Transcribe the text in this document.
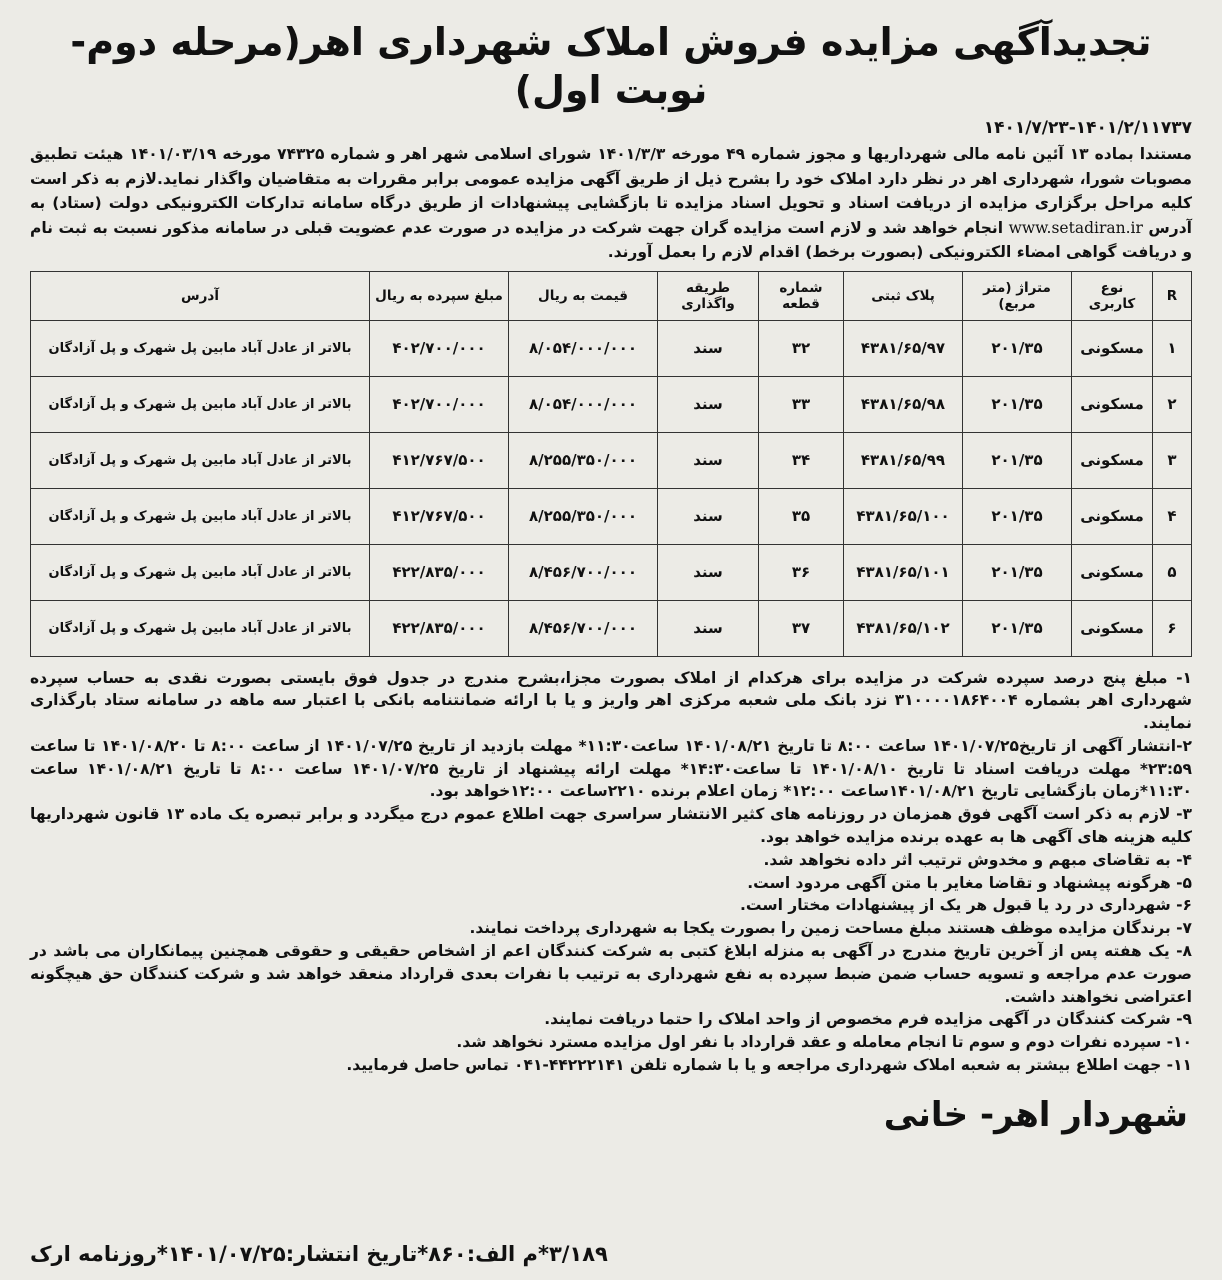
تجدیدآگهی مزایده فروش املاک شهرداری اهر(مرحله دوم- نوبت اول)
۱۴۰۱/۷/۲۳-۱۴۰۱/۲/۱۱۷۳۷

مستندا بماده ۱۳ آئین نامه مالی شهرداریها و مجوز شماره ۴۹ مورخه ۱۴۰۱/۳/۳ شورای اسلامی شهر اهر و شماره ۷۴۳۲۵ مورخه ۱۴۰۱/۰۳/۱۹ هیئت تطبیق مصوبات شورا، شهرداری اهر در نظر دارد املاک خود را بشرح ذیل از طریق آگهی مزایده عمومی برابر مقررات به متقاضیان واگذار نماید.لازم به ذکر است کلیه مراحل برگزاری مزایده از دریافت اسناد و تحویل اسناد مزایده تا بازگشایی پیشنهادات از طریق درگاه سامانه تدارکات الکترونیکی دولت (ستاد) به آدرس www.setadiran.ir انجام خواهد شد و لازم است مزایده گران جهت شرکت در مزایده در صورت عدم عضویت قبلی در سامانه مذکور نسبت به ثبت نام و دریافت گواهی امضاء الکترونیکی (بصورت برخط) اقدام لازم را بعمل آورند.

R	نوع کاربری	متراژ (متر مربع)	پلاک ثبتی	شماره قطعه	طریقه واگذاری	قیمت به ریال	مبلغ سپرده به ریال	آدرس
۱	مسکونی	۲۰۱/۳۵	۴۳۸۱/۶۵/۹۷	۳۲	سند	۸/۰۵۴/۰۰۰/۰۰۰	۴۰۲/۷۰۰/۰۰۰	بالاتر از عادل آباد مابین پل شهرک و پل آزادگان
۲	مسکونی	۲۰۱/۳۵	۴۳۸۱/۶۵/۹۸	۳۳	سند	۸/۰۵۴/۰۰۰/۰۰۰	۴۰۲/۷۰۰/۰۰۰	بالاتر از عادل آباد مابین پل شهرک و پل آزادگان
۳	مسکونی	۲۰۱/۳۵	۴۳۸۱/۶۵/۹۹	۳۴	سند	۸/۲۵۵/۳۵۰/۰۰۰	۴۱۲/۷۶۷/۵۰۰	بالاتر از عادل آباد مابین پل شهرک و پل آزادگان
۴	مسکونی	۲۰۱/۳۵	۴۳۸۱/۶۵/۱۰۰	۳۵	سند	۸/۲۵۵/۳۵۰/۰۰۰	۴۱۲/۷۶۷/۵۰۰	بالاتر از عادل آباد مابین پل شهرک و پل آزادگان
۵	مسکونی	۲۰۱/۳۵	۴۳۸۱/۶۵/۱۰۱	۳۶	سند	۸/۴۵۶/۷۰۰/۰۰۰	۴۲۲/۸۳۵/۰۰۰	بالاتر از عادل آباد مابین پل شهرک و پل آزادگان
۶	مسکونی	۲۰۱/۳۵	۴۳۸۱/۶۵/۱۰۲	۳۷	سند	۸/۴۵۶/۷۰۰/۰۰۰	۴۲۲/۸۳۵/۰۰۰	بالاتر از عادل آباد مابین پل شهرک و پل آزادگان

۱- مبلغ پنج درصد سپرده شرکت در مزایده برای هرکدام از املاک بصورت مجزا،بشرح مندرج در جدول فوق بایستی بصورت نقدی به حساب سپرده شهرداری اهر بشماره ۳۱۰۰۰۰۱۸۶۴۰۰۴ نزد بانک ملی شعبه مرکزی اهر واریز و یا با ارائه ضمانتنامه بانکی با اعتبار سه ماهه در سامانه ستاد بارگذاری نمایند.

۲-انتشار آگهی از تاریخ۱۴۰۱/۰۷/۲۵ ساعت ۸:۰۰ تا تاریخ ۱۴۰۱/۰۸/۲۱ ساعت۱۱:۳۰* مهلت بازدید از تاریخ ۱۴۰۱/۰۷/۲۵ از ساعت ۸:۰۰ تا ۱۴۰۱/۰۸/۲۰ تا ساعت ۲۳:۵۹* مهلت دریافت اسناد تا تاریخ ۱۴۰۱/۰۸/۱۰ تا ساعت۱۴:۳۰* مهلت ارائه پیشنهاد از تاریخ ۱۴۰۱/۰۷/۲۵ ساعت ۸:۰۰ تا تاریخ ۱۴۰۱/۰۸/۲۱ ساعت ۱۱:۳۰*زمان بازگشایی تاریخ ۱۴۰۱/۰۸/۲۱ساعت ۱۲:۰۰* زمان اعلام برنده ۲۲۱۰ساعت ۱۲:۰۰خواهد بود.

۳- لازم به ذکر است آگهی فوق همزمان در روزنامه های کثیر الانتشار سراسری جهت اطلاع عموم درج میگردد و برابر تبصره یک ماده ۱۳ قانون شهرداریها کلیه هزینه های آگهی ها به عهده برنده مزایده خواهد بود.

۴- به تقاضای مبهم و مخدوش ترتیب اثر داده نخواهد شد.

۵- هرگونه پیشنهاد و تقاضا مغایر با متن آگهی مردود است.

۶- شهرداری در رد یا قبول هر یک از پیشنهادات مختار است.

۷- برندگان مزایده موظف هستند مبلغ مساحت زمین را بصورت یکجا به شهرداری پرداخت نمایند.

۸- یک هفته پس از آخرین تاریخ مندرج در آگهی به منزله ابلاغ کتبی به شرکت کنندگان اعم از اشخاص حقیقی و حقوقی همچنین پیمانکاران می باشد در صورت عدم مراجعه و تسویه حساب ضمن ضبط سپرده به نفع شهرداری به ترتیب با نفرات بعدی قرارداد منعقد خواهد شد و شرکت کنندگان حق هیچگونه اعتراضی نخواهند داشت.

۹- شرکت کنندگان در آگهی مزایده فرم مخصوص از واحد املاک را حتما دریافت نمایند.

۱۰- سپرده نفرات دوم و سوم تا انجام معامله و عقد قرارداد با نفر اول مزایده مسترد نخواهد شد.

۱۱- جهت اطلاع بیشتر به شعبه املاک شهرداری مراجعه و یا با شماره تلفن ۴۴۲۲۲۱۴۱-۰۴۱ تماس حاصل فرمایید.

شهردار اهر- خانی
۳/۱۸۹*م الف:۸۶۰*تاریخ انتشار:۱۴۰۱/۰۷/۲۵*روزنامه ارک
